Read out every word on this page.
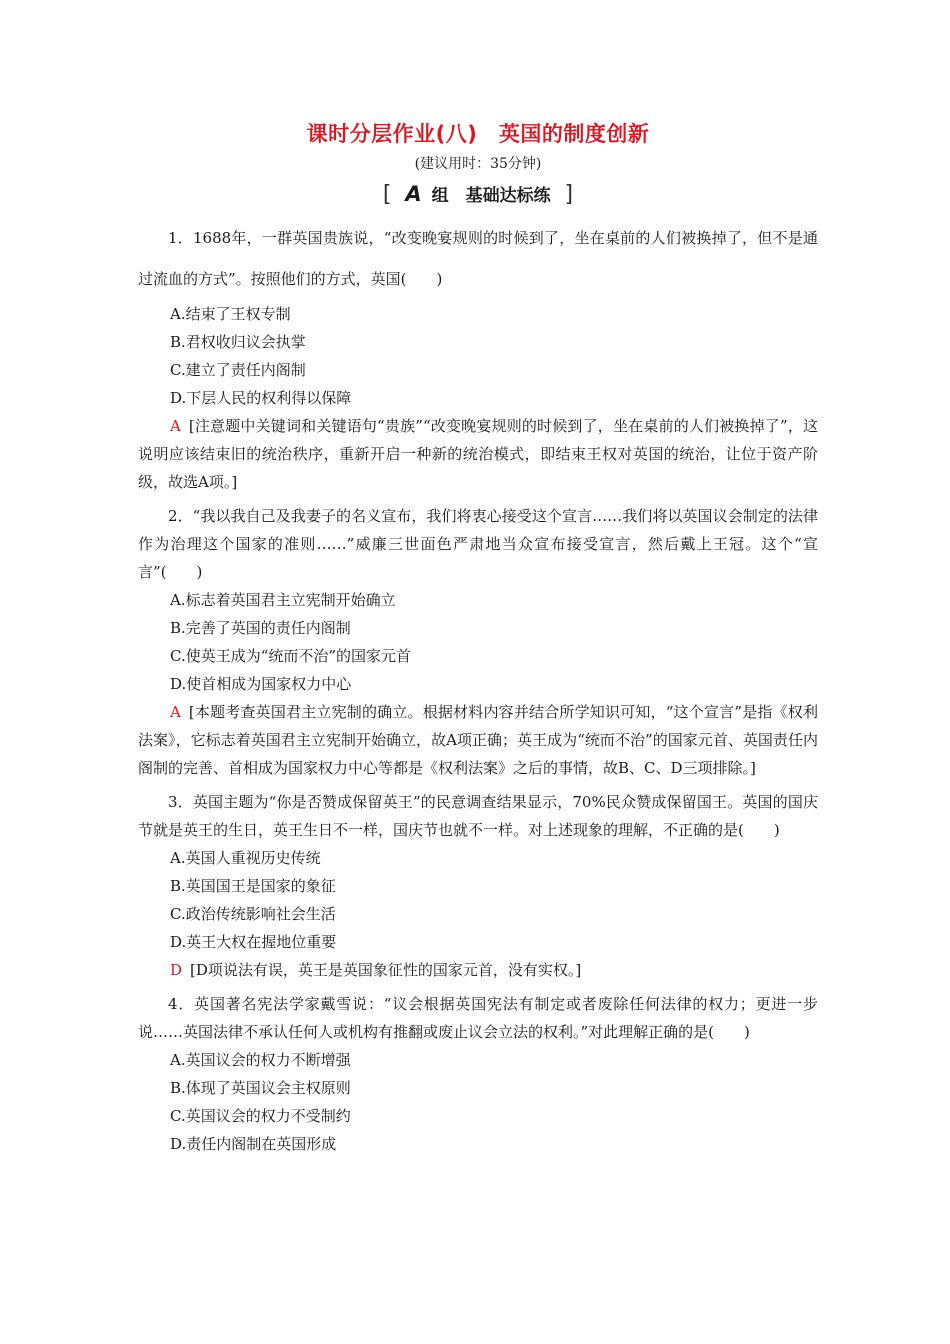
课时分层作业(八)　英国的制度创新
(建议用时：35分钟)
[ A 组　基础达标练 ]
1．1688年，一群英国贵族说，“改变晚宴规则的时候到了，坐在桌前的人们被换掉了，但不是通过流血的方式”。按照他们的方式，英国(　　)
A.结束了王权专制
B.君权收归议会执掌
C.建立了责任内阁制
D.下层人民的权利得以保障
A [注意题中关键词和关键语句“贵族”“改变晚宴规则的时候到了，坐在桌前的人们被换掉了”，这说明应该结束旧的统治秩序，重新开启一种新的统治模式，即结束王权对英国的统治，让位于资产阶级，故选A项。]
2．“我以我自己及我妻子的名义宣布，我们将衷心接受这个宣言……我们将以英国议会制定的法律作为治理这个国家的准则……”威廉三世面色严肃地当众宣布接受宣言，然后戴上王冠。这个“宣言”(　　)
A.标志着英国君主立宪制开始确立
B.完善了英国的责任内阁制
C.使英王成为“统而不治”的国家元首
D.使首相成为国家权力中心
A [本题考查英国君主立宪制的确立。根据材料内容并结合所学知识可知，“这个宣言”是指《权利法案》，它标志着英国君主立宪制开始确立，故A项正确；英王成为“统而不治”的国家元首、英国责任内阁制的完善、首相成为国家权力中心等都是《权利法案》之后的事情，故B、C、D三项排除。]
3．英国主题为“你是否赞成保留英王”的民意调查结果显示，70%民众赞成保留国王。英国的国庆节就是英王的生日，英王生日不一样，国庆节也就不一样。对上述现象的理解，不正确的是(　　)
A.英国人重视历史传统
B.英国国王是国家的象征
C.政治传统影响社会生活
D.英王大权在握地位重要
D [D项说法有误，英王是英国象征性的国家元首，没有实权。]
4．英国著名宪法学家戴雪说：“议会根据英国宪法有制定或者废除任何法律的权力；更进一步说……英国法律不承认任何人或机构有推翻或废止议会立法的权利。”对此理解正确的是(　　)
A.英国议会的权力不断增强
B.体现了英国议会主权原则
C.英国议会的权力不受制约
D.责任内阁制在英国形成
